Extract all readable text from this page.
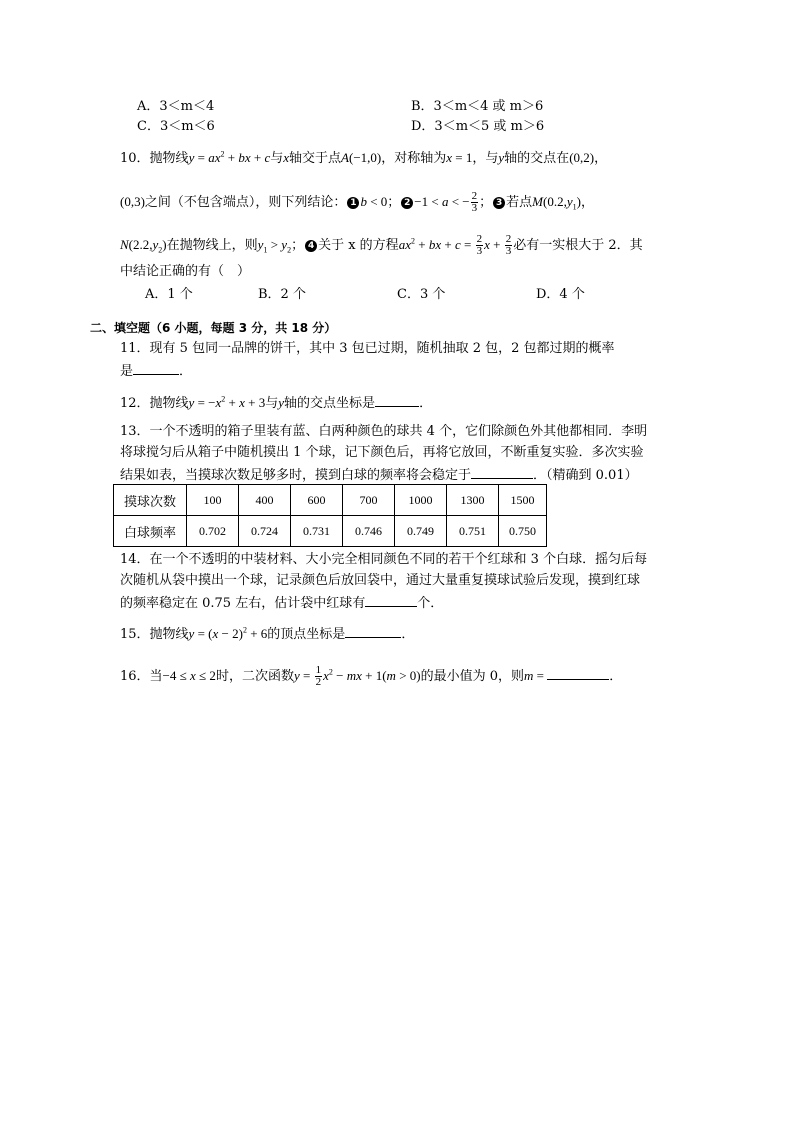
A．3＜m＜4	B．3＜m＜4 或 m＞6
C．3＜m＜6	D．3＜m＜5 或 m＞6
10．抛物线$y = ax^2$ + bx + c与x轴交于点A(−1,0)，对称轴为x = 1，与y轴的交点在(0,2)，
(0,3)之间（不包含端点），则下列结论： 1 b < 0； 2 −1 < a < − $\frac{2}{3}$ ； 3 若点$M(0.2,y_1)$，
$N(2.2,y_2)$在抛物线上，则$y_1 > y_2$； 4 关于 x 的方程$ax^2$ + bx + $c = \frac{2}{3}$ $x + \frac{2}{3}$ 必有一实根大于 2．其
中结论正确的有（　）
A．1 个	B．2 个	C．3 个	D．4 个
二、填空题（6 小题，每题 3 分，共 18 分）
11．现有 5 包同一品牌的饼干，其中 3 包已过期，随机抽取 2 包，2 包都过期的概率
是	．
12．抛物线$y = -x^2 + x + 3$与y轴的交点坐标是	．
13．一个不透明的箱子里装有蓝、白两种颜色的球共 4 个，它们除颜色外其他都相同．李明
将球搅匀后从箱子中随机摸出 1 个球，记下颜色后，再将它放回，不断重复实验．多次实验
结果如表，当摸球次数足够多时，摸到白球的频率将会稳定于	．（精确到 0.01）
摸球次数	100	400	600	700	1000	1300	1500
白球频率	0.702	0.724	0.731	0.746	0.749	0.751	0.750
14．在一个不透明的中装材料、大小完全相同颜色不同的若干个红球和 3 个白球．摇匀后每
次随机从袋中摸出一个球，记录颜色后放回袋中，通过大量重复摸球试验后发现，摸到红球
的频率稳定在 0.75 左右，估计袋中红球有	个．
15．抛物线$y = (x - 2)^2 + 6$的顶点坐标是	．
16．当−4 ≤ x ≤ 2时，二次函数$y = \frac{1}{2} x^2$ − mx + 1(m > 0)的最小值为 0，则m =	．
